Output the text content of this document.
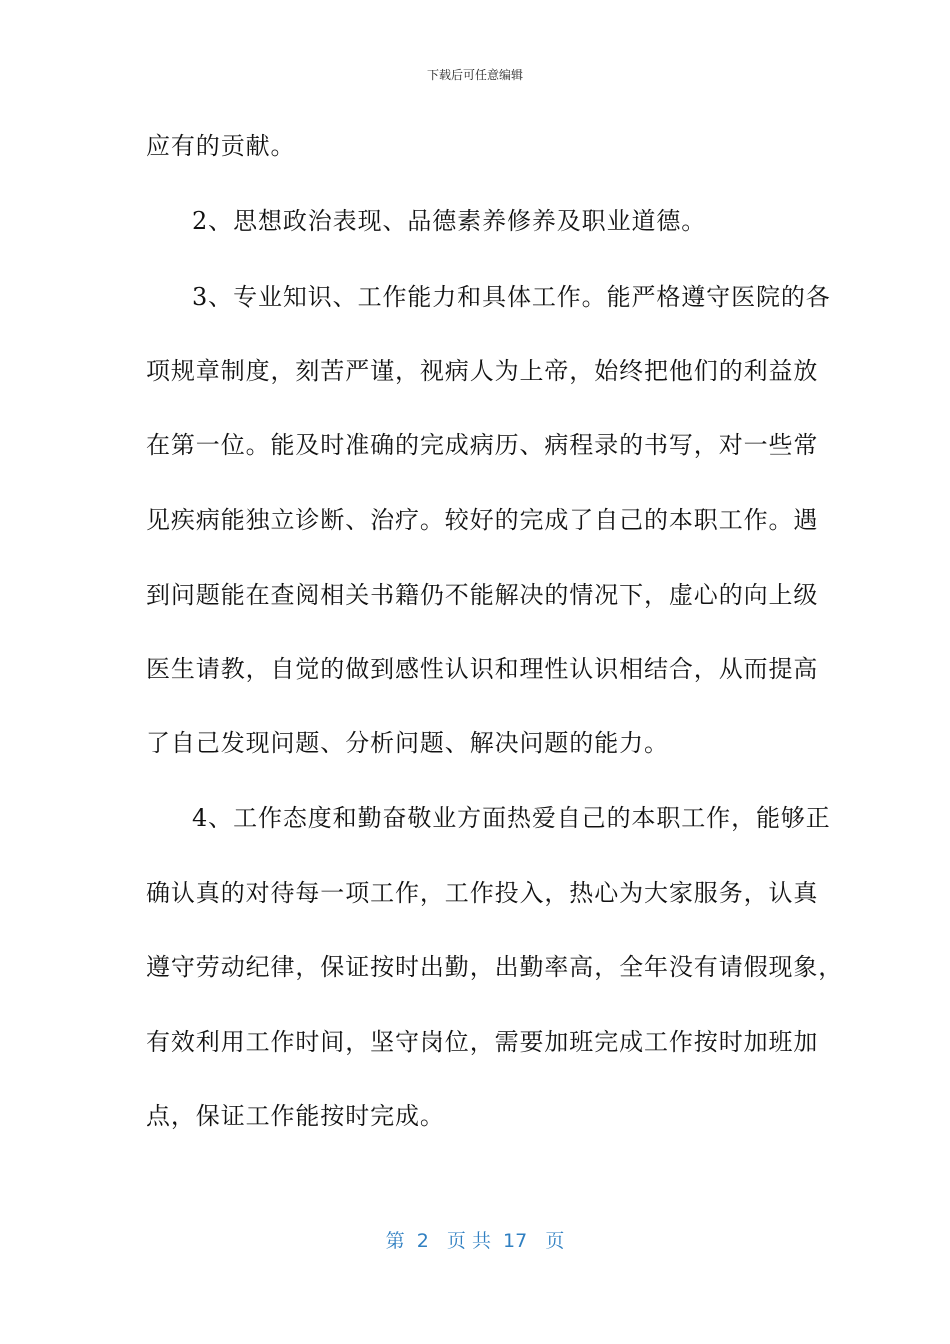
下载后可任意编辑
应有的贡献。
2、思想政治表现、品德素养修养及职业道德。
3、专业知识、工作能力和具体工作。能严格遵守医院的各
项规章制度，刻苦严谨，视病人为上帝，始终把他们的利益放
在第一位。能及时准确的完成病历、病程录的书写，对一些常
见疾病能独立诊断、治疗。较好的完成了自己的本职工作。遇
到问题能在查阅相关书籍仍不能解决的情况下，虚心的向上级
医生请教，自觉的做到感性认识和理性认识相结合，从而提高
了自己发现问题、分析问题、解决问题的能力。
4、工作态度和勤奋敬业方面热爱自己的本职工作，能够正
确认真的对待每一项工作，工作投入，热心为大家服务，认真
遵守劳动纪律，保证按时出勤，出勤率高，全年没有请假现象，
有效利用工作时间，坚守岗位，需要加班完成工作按时加班加
点，保证工作能按时完成。
第  2   页 共  17   页
